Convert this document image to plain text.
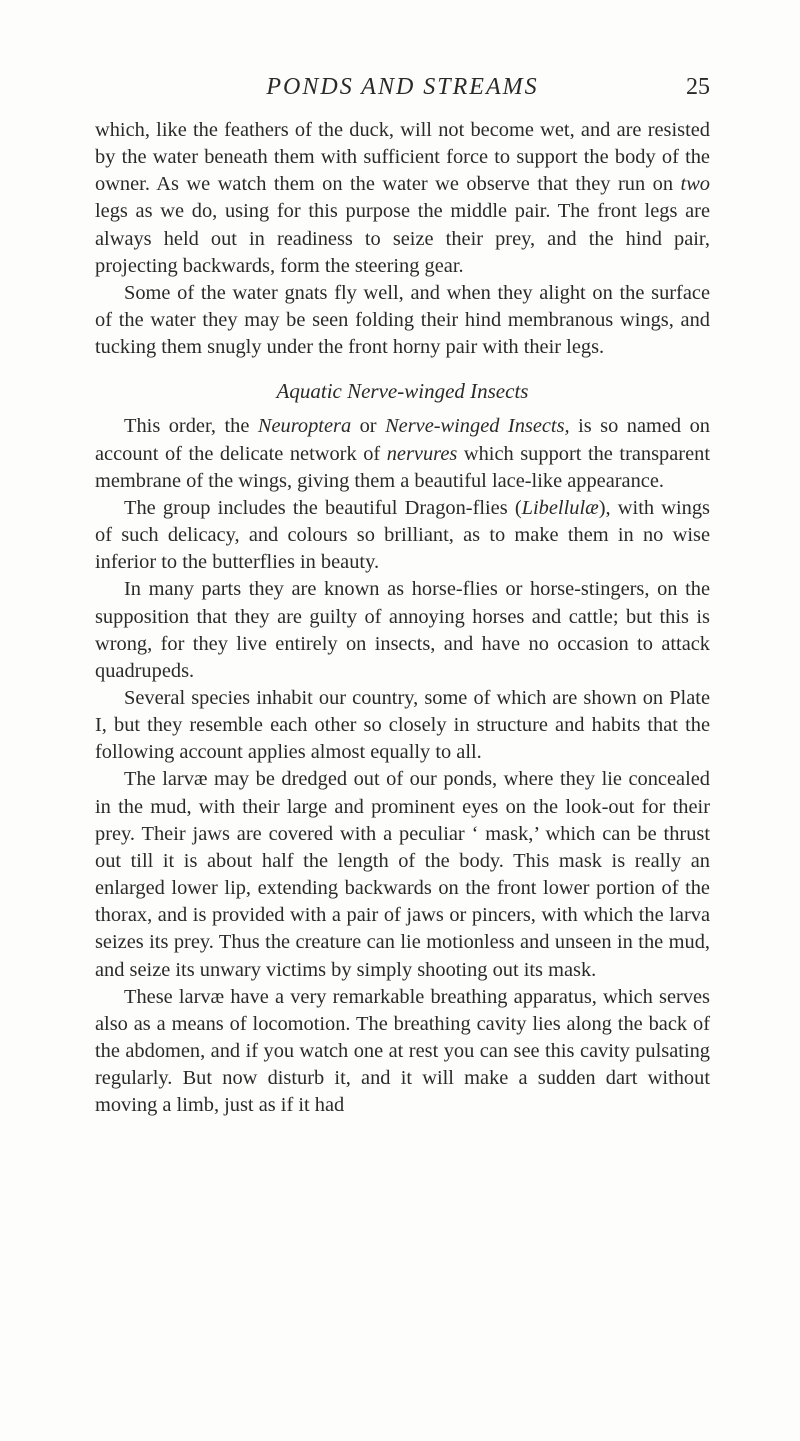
PONDS AND STREAMS	25

which, like the feathers of the duck, will not become wet, and are resisted by the water beneath them with sufficient force to support the body of the owner. As we watch them on the water we observe that they run on two legs as we do, using for this purpose the middle pair. The front legs are always held out in readiness to seize their prey, and the hind pair, projecting backwards, form the steering gear.

Some of the water gnats fly well, and when they alight on the surface of the water they may be seen folding their hind membranous wings, and tucking them snugly under the front horny pair with their legs.

Aquatic Nerve-winged Insects

This order, the Neuroptera or Nerve-winged Insects, is so named on account of the delicate network of nervures which support the transparent membrane of the wings, giving them a beautiful lace-like appearance.

The group includes the beautiful Dragon-flies (Libellulæ), with wings of such delicacy, and colours so brilliant, as to make them in no wise inferior to the butterflies in beauty.

In many parts they are known as horse-flies or horse-stingers, on the supposition that they are guilty of annoying horses and cattle; but this is wrong, for they live entirely on insects, and have no occasion to attack quadrupeds.

Several species inhabit our country, some of which are shown on Plate I, but they resemble each other so closely in structure and habits that the following account applies almost equally to all.

The larvæ may be dredged out of our ponds, where they lie concealed in the mud, with their large and prominent eyes on the look-out for their prey. Their jaws are covered with a peculiar ‘ mask,’ which can be thrust out till it is about half the length of the body. This mask is really an enlarged lower lip, extending backwards on the front lower portion of the thorax, and is provided with a pair of jaws or pincers, with which the larva seizes its prey. Thus the creature can lie motionless and unseen in the mud, and seize its unwary victims by simply shooting out its mask.

These larvæ have a very remarkable breathing apparatus, which serves also as a means of locomotion. The breathing cavity lies along the back of the abdomen, and if you watch one at rest you can see this cavity pulsating regularly. But now disturb it, and it will make a sudden dart without moving a limb, just as if it had
